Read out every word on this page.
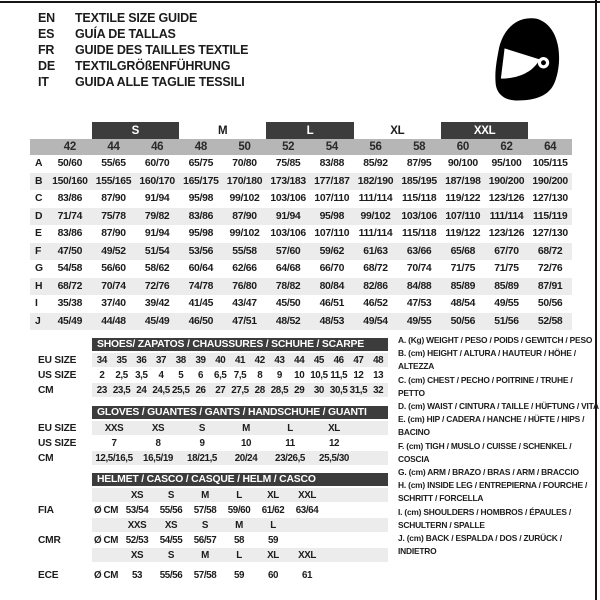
EN	TEXTILE SIZE GUIDE
ES	GUÍA DE TALLAS
FR	GUIDE DES TAILLES TEXTILE
DE	TEXTILGRÖßENFÜHRUNG
IT	GUIDA ALLE TAGLIE TESSILI
S	M	L	XL	XXL
42	44	46	48	50	52	54	56	58	60	62	64
A	50/60	55/65	60/70	65/75	70/80	75/85	83/88	85/92	87/95	90/100	95/100	105/115
B 150/160 155/165 160/170 165/175 170/180 173/183 177/187 182/190 185/195 187/198 190/200 190/200
C	83/86	87/90	91/94	95/98	99/102	103/106 107/110 111/114 115/118 119/122 123/126 127/130
D	71/74	75/78	79/82	83/86	87/90	91/94	95/98	99/102	103/106 107/110 111/114 115/119
E	83/86	87/90	91/94	95/98	99/102	103/106 107/110 111/114 115/118 119/122 123/126 127/130
F	47/50	49/52	51/54	53/56	55/58	57/60	59/62	61/63	63/66	65/68	67/70	68/72
G	54/58	56/60	58/62	60/64	62/66	64/68	66/70	68/72	70/74	71/75	71/75	72/76
H	68/72	70/74	72/76	74/78	76/80	78/82	80/84	82/86	84/88	85/89	85/89	87/91
I	35/38	37/40	39/42	41/45	43/47	45/50	46/51	46/52	47/53	48/54	49/55	50/56
J	45/49	44/48	45/49	46/50	47/51	48/52	48/53	49/54	49/55	50/56	51/56	52/58
SHOES/ ZAPATOS / CHAUSSURES / SCHUHE / SCARPE
EU SIZE	34 35 36 37 38 39 40 41 42 43 44 45 46 47 48
US SIZE	2	2,5 3,5	4	5	6	6,5 7,5	8	9	10 10,5 11,5 12 13
CM	23 23,5 24 24,5 25,5 26 27 27,5 28 28,5 29 30 30,5 31,5 32
GLOVES / GUANTES / GANTS / HANDSCHUHE / GUANTI
EU SIZE	XXS	XS	S	M	L	XL
US SIZE	7	8	9	10	11	12
CM	12,5/16,5	16,5/19	18/21,5	20/24	23/26,5	25,5/30
HELMET / CASCO / CASQUE / HELM / CASCO
XS	S	M	L	XL	XXL
FIA	Ø CM 53/54	55/56	57/58	59/60	61/62	63/64
XXS	XS	S	M	L
CMR	Ø CM 52/53	54/55	56/57	58	59
XS	S	M	L	XL	XXL
ECE	Ø CM	53	55/56	57/58	59	60	61
A. (Kg) WEIGHT / PESO / POIDS / GEWITCH / PESO
B. (cm) HEIGHT / ALTURA / HAUTEUR / HÖHE / ALTEZZA
C. (cm) CHEST / PECHO / POITRINE / TRUHE / PETTO
D. (cm) WAIST / CINTURA / TAILLE / HÜFTUNG / VITA
E. (cm) HIP / CADERA / HANCHE / HÜFTE / HIPS / BACINO
F. (cm) TIGH / MUSLO / CUISSE / SCHENKEL / COSCIA
G. (cm) ARM / BRAZO / BRAS / ARM / BRACCIO
H. (cm) INSIDE LEG / ENTREPIERNA / FOURCHE / SCHRITT / FORCELLA
I. (cm) SHOULDERS / HOMBROS / ÉPAULES / SCHULTERN / SPALLE
J. (cm) BACK / ESPALDA / DOS / ZURÜCK / INDIETRO
